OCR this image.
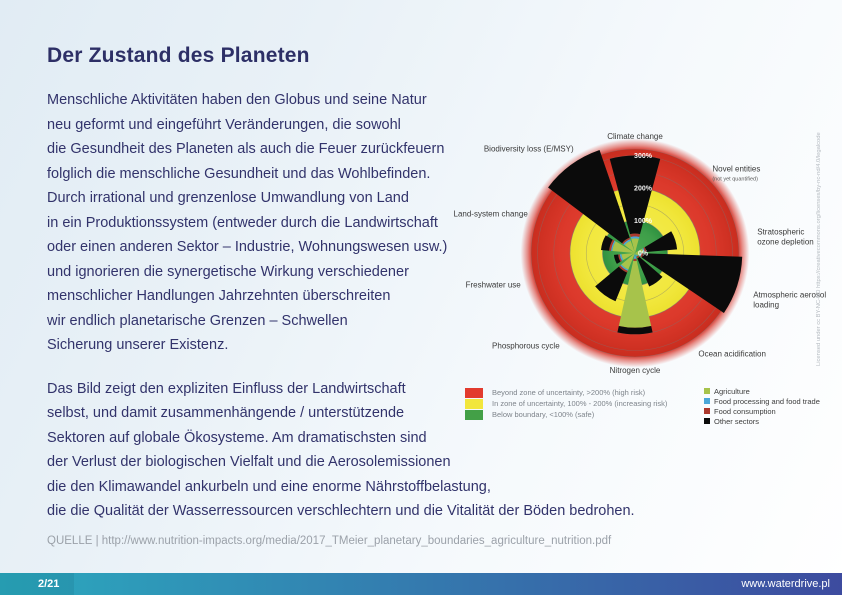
Der Zustand des Planeten
Menschliche Aktivitäten haben den Globus und seine Natur
neu geformt und eingeführt Veränderungen, die sowohl
die Gesundheit des Planeten als auch die Feuer zurückfeuern
folglich die menschliche Gesundheit und das Wohlbefinden.
Durch irrational und grenzenlose Umwandlung von Land
in ein Produktionssystem (entweder durch die Landwirtschaft
oder einen anderen Sektor – Industrie, Wohnungswesen usw.)
und ignorieren die synergetische Wirkung verschiedener
menschlicher Handlungen Jahrzehnten überschreiten
wir endlich planetarische Grenzen – Schwellen
Sicherung unserer Existenz.
Das Bild zeigt den expliziten Einfluss der Landwirtschaft
selbst, und damit zusammenhängende / unterstützende
Sektoren auf globale Ökosysteme. Am dramatischsten sind
der Verlust der biologischen Vielfalt und die Aerosolemissionen
die den Klimawandel ankurbeln und eine enorme Nährstoffbelastung,
die die Qualität der Wasserressourcen verschlechtern und die Vitalität der Böden bedrohen.
300%
200%
100%
0%
Climate change
Novel entities
(not yet quantified)
Stratospheric
ozone depletion
Atmospheric aerosol
loading
Ocean acidification
Nitrogen cycle
Phosphorous cycle
Freshwater use
Land-system change
Biodiversity loss (E/MSY)	Licensed under cc BY-NC-ND https://creativecommons.org/licenses/by-nc-nd/4.0/legalcode
Beyond zone of uncertainty, >200% (high risk)
In zone of uncertainty, 100% - 200% (increasing risk)
Below boundary, <100% (safe)
Agriculture
Food processing and food trade
Food consumption
Other sectors
QUELLE | http://www.nutrition-impacts.org/media/2017_TMeier_planetary_boundaries_agriculture_nutrition.pdf
2/21	www.waterdrive.pl
